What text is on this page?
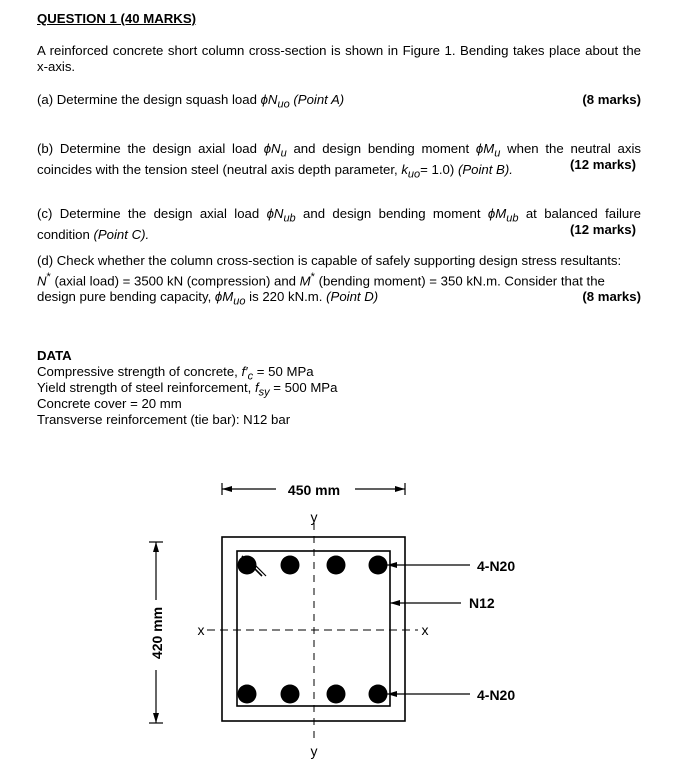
QUESTION 1 (40 MARKS)
A reinforced concrete short column cross-section is shown in Figure 1. Bending takes place about the x-axis.
(a) Determine the design squash load $\phi N_{uo}$ (Point A)	(8 marks)
(b) Determine the design axial load $\phi N_u$ and design bending moment $\phi M_u$ when the neutral axis coincides with the tension steel (neutral axis depth parameter, $k_{uo}= 1.0$) (Point B).	(12 marks)
(c) Determine the design axial load $\phi N_{ub}$ and design bending moment $\phi M_{ub}$ at balanced failure condition (Point C).	(12 marks)
(d) Check whether the column cross-section is capable of safely supporting design stress resultants:
N* (axial load) = 3500 kN (compression) and M* (bending moment) = 350 kN.m. Consider that the
design pure bending capacity, $\phi M_{uo}$ is 220 kN.m. (Point D)	(8 marks)
DATA
Compressive strength of concrete, $f'_c = 50$ MPa
Yield strength of steel reinforcement, $f_{sy} = 500$ MPa
Concrete cover = 20 mm
Transverse reinforcement (tie bar): N12 bar
450 mm
420 mm
y
y
x	x
4-N20
N12
4-N20
